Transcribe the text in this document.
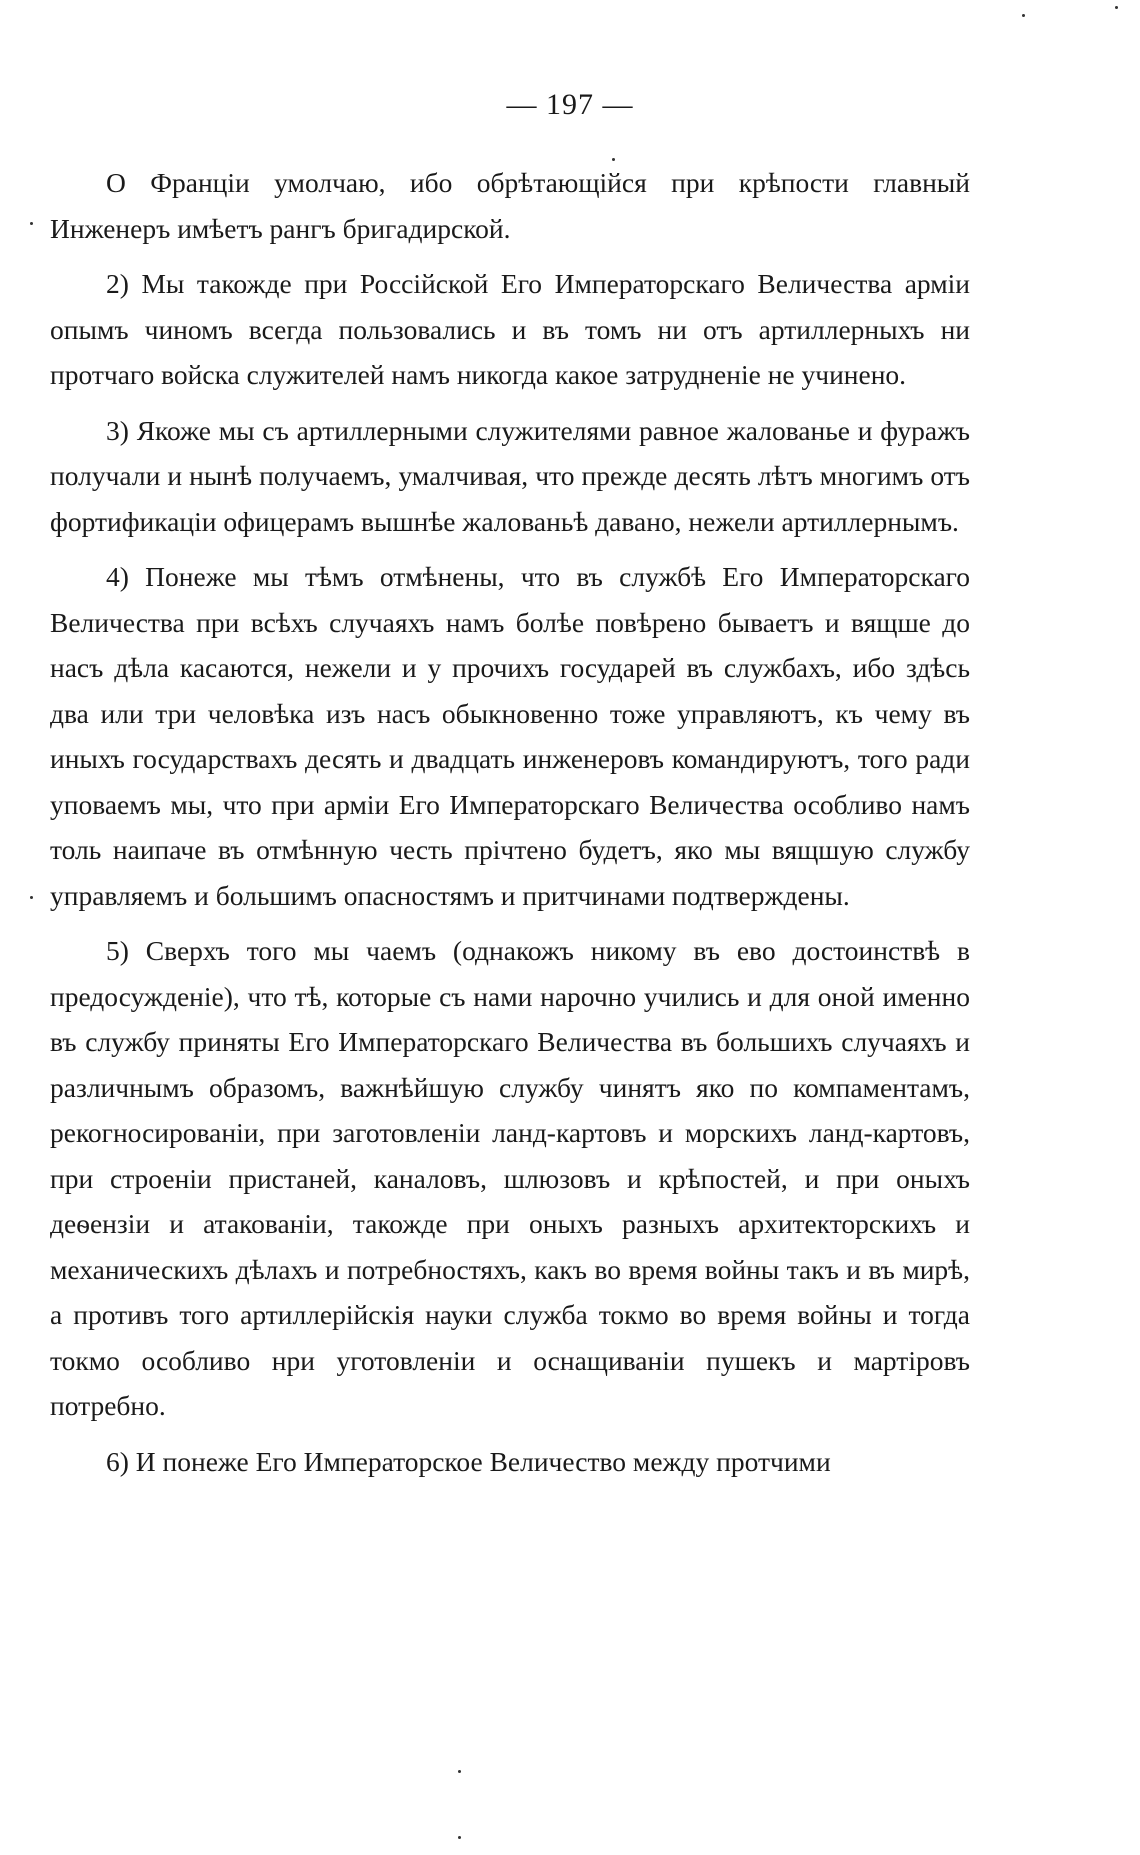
— 197 —

О Франціи умолчаю, ибо обрѣтающійся при крѣпости главный Инженеръ имѣетъ рангъ бригадирской.

2) Мы такожде при Россійской Его Императорскаго Величества арміи опымъ чиномъ всегда пользовались и въ томъ ни отъ артиллерныхъ ни протчаго войска служителей намъ никогда какое затрудненіе не учинено.

3) Якоже мы съ артиллерными служителями равное жалованье и фуражъ получали и нынѣ получаемъ, умалчивая, что прежде десять лѣтъ многимъ отъ фортификаціи офицерамъ вышнѣе жалованьѣ давано, нежели артиллернымъ.

4) Понеже мы тѣмъ отмѣнены, что въ службѣ Его Императорскаго Величества при всѣхъ случаяхъ намъ болѣе повѣрено бываетъ и вящше до насъ дѣла касаются, нежели и у прочихъ государей въ службахъ, ибо здѣсь два или три человѣка изъ насъ обыкновенно тоже управляютъ, къ чему въ иныхъ государствахъ десять и двадцать инженеровъ командируютъ, того ради уповаемъ мы, что при арміи Его Императорскаго Величества особливо намъ толь наипаче въ отмѣнную честь прічтено будетъ, яко мы вящшую службу управляемъ и большимъ опасностямъ и притчинами подтверждены.

5) Сверхъ того мы чаемъ (однакожъ никому въ ево достоинствѣ в предосужденіе), что тѣ, которые съ нами нарочно учились и для оной именно въ службу приняты Его Императорскаго Величества въ большихъ случаяхъ и различнымъ образомъ, важнѣйшую службу чинятъ яко по компаментамъ, рекогносированіи, при заготовленіи ланд-картовъ и морскихъ ланд-картовъ, при строеніи пристаней, каналовъ, шлюзовъ и крѣпостей, и при оныхъ деѳензіи и атакованіи, такожде при оныхъ разныхъ архитекторскихъ и механическихъ дѣлахъ и потребностяхъ, какъ во время войны такъ и въ мирѣ, а противъ того артиллерійскія науки служба токмо во время войны и тогда токмо особливо нри уготовленіи и оснащиваніи пушекъ и мартіровъ потребно.

6) И понеже Его Императорское Величество между протчими
